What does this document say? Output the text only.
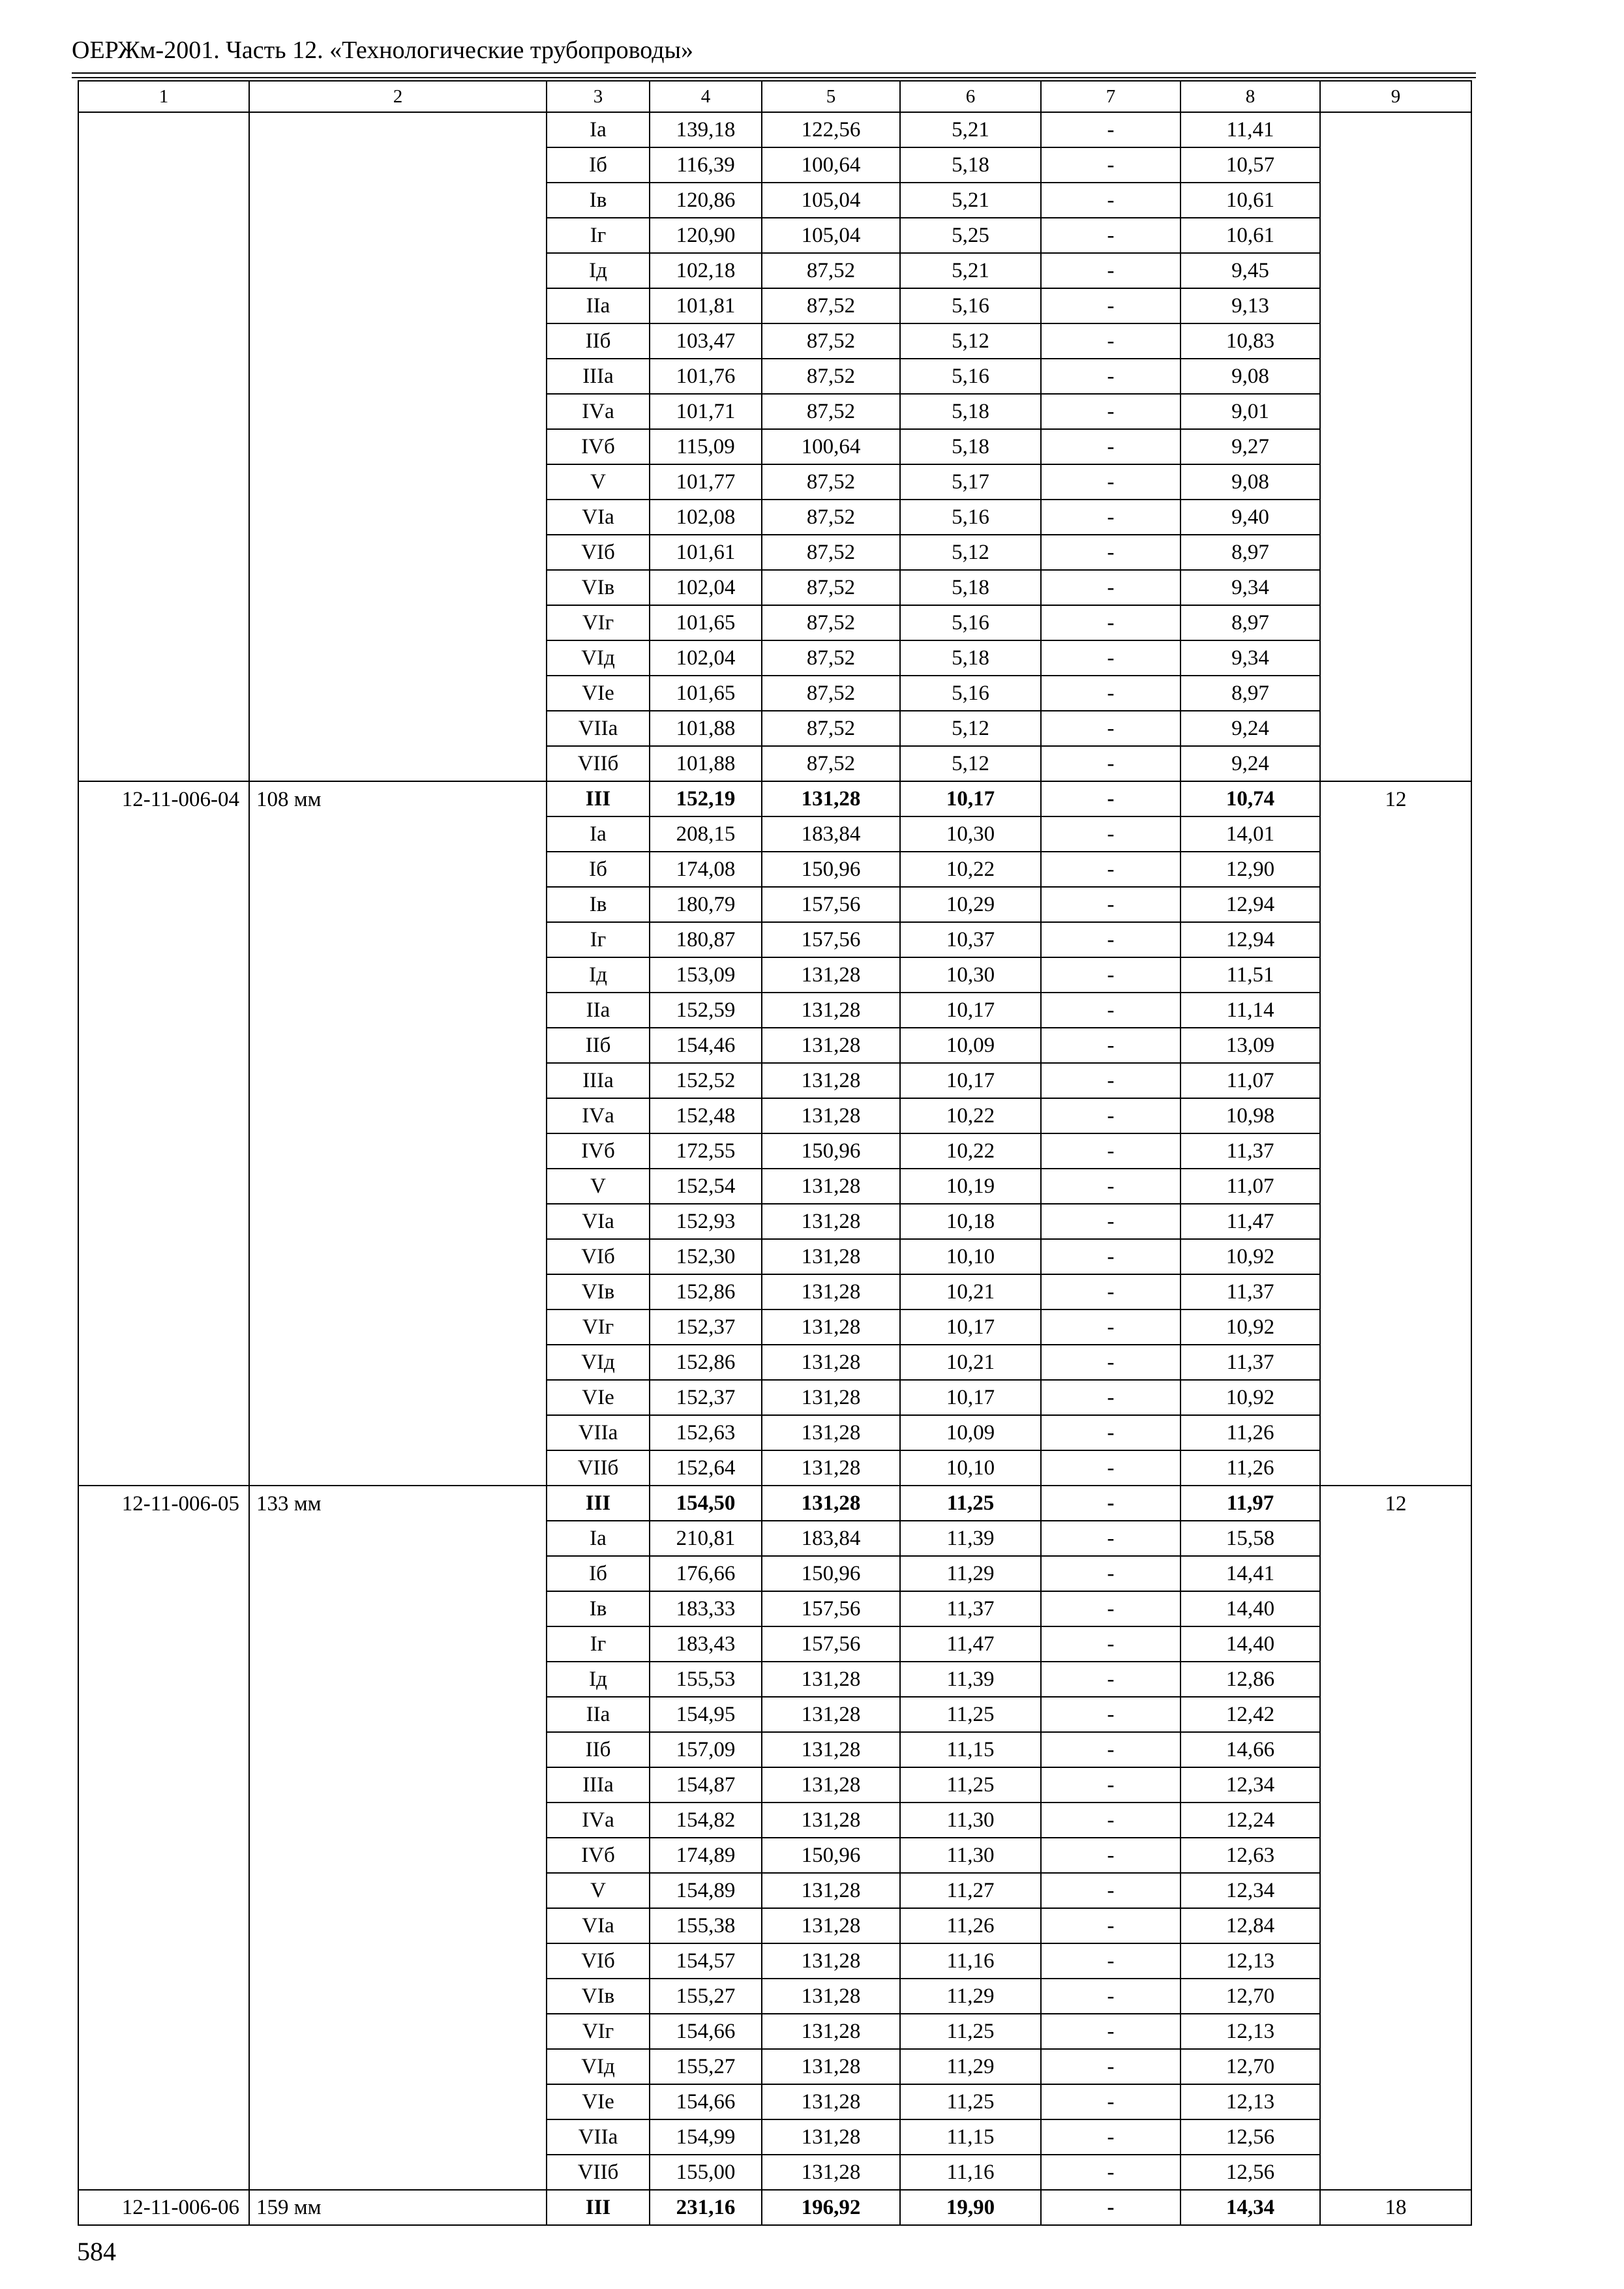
ОЕРЖм-2001. Часть 12. «Технологические трубопроводы»
1	2	3	4	5	6	7	8	9
		Iа	139,18	122,56	5,21	-	11,41	
		Iб	116,39	100,64	5,18	-	10,57	
		Iв	120,86	105,04	5,21	-	10,61	
		Iг	120,90	105,04	5,25	-	10,61	
		Iд	102,18	87,52	5,21	-	9,45	
		IIа	101,81	87,52	5,16	-	9,13	
		IIб	103,47	87,52	5,12	-	10,83	
		IIIа	101,76	87,52	5,16	-	9,08	
		IVа	101,71	87,52	5,18	-	9,01	
		IVб	115,09	100,64	5,18	-	9,27	
		V	101,77	87,52	5,17	-	9,08	
		VIа	102,08	87,52	5,16	-	9,40	
		VIб	101,61	87,52	5,12	-	8,97	
		VIв	102,04	87,52	5,18	-	9,34	
		VIг	101,65	87,52	5,16	-	8,97	
		VIд	102,04	87,52	5,18	-	9,34	
		VIе	101,65	87,52	5,16	-	8,97	
		VIIа	101,88	87,52	5,12	-	9,24	
		VIIб	101,88	87,52	5,12	-	9,24	
12-11-006-04	108 мм	III	152,19	131,28	10,17	-	10,74	12
		Iа	208,15	183,84	10,30	-	14,01	
		Iб	174,08	150,96	10,22	-	12,90	
		Iв	180,79	157,56	10,29	-	12,94	
		Iг	180,87	157,56	10,37	-	12,94	
		Iд	153,09	131,28	10,30	-	11,51	
		IIа	152,59	131,28	10,17	-	11,14	
		IIб	154,46	131,28	10,09	-	13,09	
		IIIа	152,52	131,28	10,17	-	11,07	
		IVа	152,48	131,28	10,22	-	10,98	
		IVб	172,55	150,96	10,22	-	11,37	
		V	152,54	131,28	10,19	-	11,07	
		VIа	152,93	131,28	10,18	-	11,47	
		VIб	152,30	131,28	10,10	-	10,92	
		VIв	152,86	131,28	10,21	-	11,37	
		VIг	152,37	131,28	10,17	-	10,92	
		VIд	152,86	131,28	10,21	-	11,37	
		VIе	152,37	131,28	10,17	-	10,92	
		VIIа	152,63	131,28	10,09	-	11,26	
		VIIб	152,64	131,28	10,10	-	11,26	
12-11-006-05	133 мм	III	154,50	131,28	11,25	-	11,97	12
		Iа	210,81	183,84	11,39	-	15,58	
		Iб	176,66	150,96	11,29	-	14,41	
		Iв	183,33	157,56	11,37	-	14,40	
		Iг	183,43	157,56	11,47	-	14,40	
		Iд	155,53	131,28	11,39	-	12,86	
		IIа	154,95	131,28	11,25	-	12,42	
		IIб	157,09	131,28	11,15	-	14,66	
		IIIа	154,87	131,28	11,25	-	12,34	
		IVа	154,82	131,28	11,30	-	12,24	
		IVб	174,89	150,96	11,30	-	12,63	
		V	154,89	131,28	11,27	-	12,34	
		VIа	155,38	131,28	11,26	-	12,84	
		VIб	154,57	131,28	11,16	-	12,13	
		VIв	155,27	131,28	11,29	-	12,70	
		VIг	154,66	131,28	11,25	-	12,13	
		VIд	155,27	131,28	11,29	-	12,70	
		VIе	154,66	131,28	11,25	-	12,13	
		VIIа	154,99	131,28	11,15	-	12,56	
		VIIб	155,00	131,28	11,16	-	12,56	
12-11-006-06	159 мм	III	231,16	196,92	19,90	-	14,34	18
584
